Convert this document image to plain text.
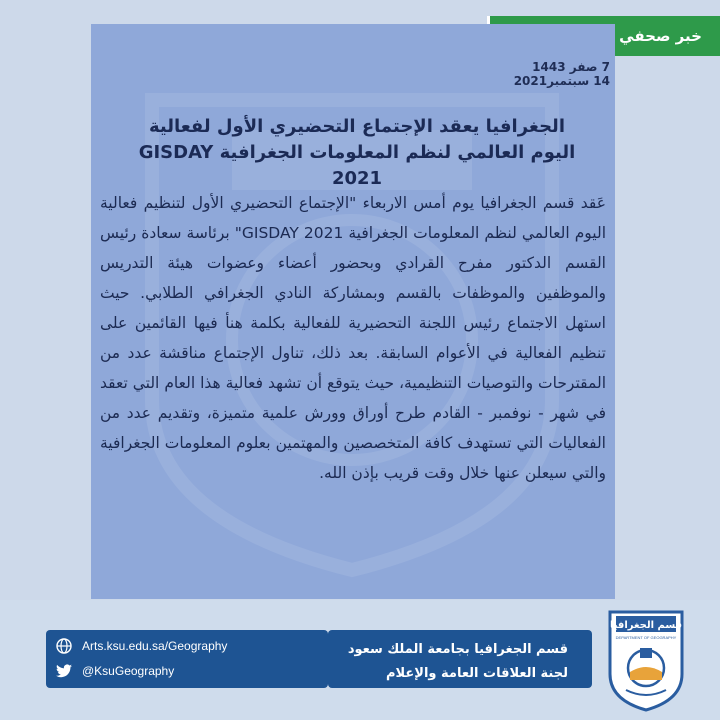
خبر صحفي
7 صفر 1443
14 سبتمبر2021
الجغرافيا يعقد الإجتماع التحضيري الأول لفعالية
اليوم العالمي لنظم المعلومات الجغرافية GISDAY 2021
عَقد قسم الجغرافيا يوم أمس الاربعاء "الإجتماع التحضيري الأول لتنظيم فعالية اليوم العالمي لنظم المعلومات الجغرافية GISDAY 2021" برئاسة سعادة رئيس القسم الدكتور مفرح القرادي وبحضور أعضاء وعضوات هيئة التدريس والموظفين والموظفات بالقسم وبمشاركة النادي الجغرافي الطلابي. حيث استهل الاجتماع رئيس اللجنة التحضيرية للفعالية بكلمة هنأ فيها القائمين على تنظيم الفعالية في الأعوام السابقة. بعد ذلك، تناول الإجتماع مناقشة عدد من المقترحات والتوصيات التنظيمية، حيث يتوقع أن تشهد فعالية هذا العام التي تعقد في شهر - نوفمبر - القادم طرح أوراق وورش علمية متميزة، وتقديم عدد من الفعاليات التي تستهدف كافة المتخصصين والمهتمين بعلوم المعلومات الجغرافية والتي سيعلن عنها خلال وقت قريب بإذن الله.
Arts.ksu.edu.sa/Geography
@KsuGeography
قسم الجغرافيا بجامعة الملك سعود
لجنة العلاقات العامة والإعلام
قسم الجغرافيا
DEPARTMENT OF GEOGRAPHY
